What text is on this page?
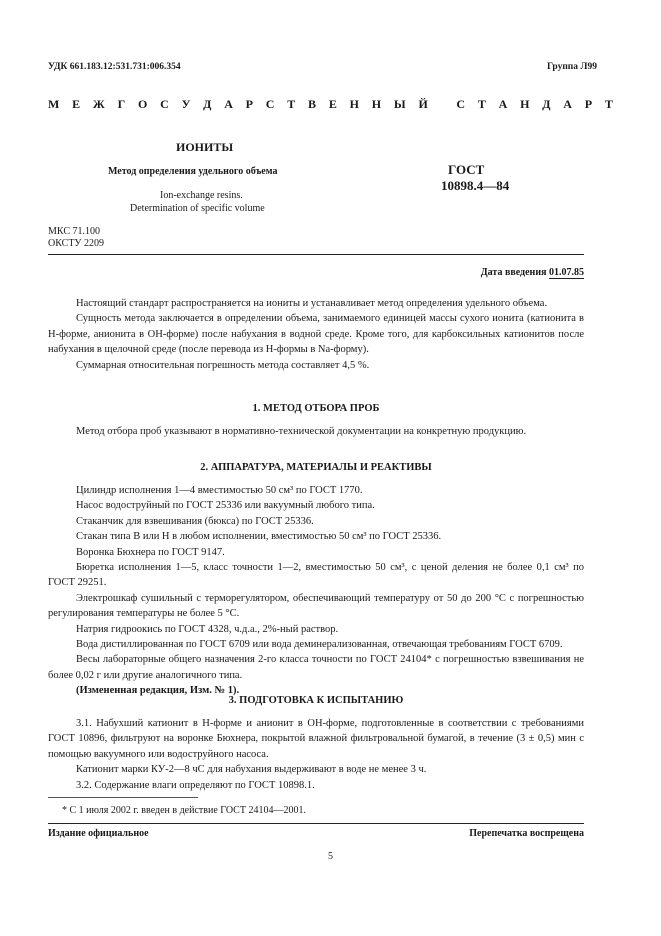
УДК 661.183.12:531.731:006.354	Группа Л99
М Е Ж Г О С У Д А Р С Т В Е Н Н Ы Й
С Т А Н Д А Р Т
ИОНИТЫ
Метод определения удельного объема
Ion-exchange resins.
Determination of specific volume
ГОСТ
10898.4—84
МКС 71.100
ОКСТУ 2209
Дата введения 01.07.85

Настоящий стандарт распространяется на иониты и устанавливает метод определения удельного объема.

Сущность метода заключается в определении объема, занимаемого единицей массы сухого ионита (катионита в Н-форме, анионита в ОН-форме) после набухания в водной среде. Кроме того, для карбоксильных катионитов после набухания в щелочной среде (после перевода из Н-формы в Na-форму).

Суммарная относительная погрешность метода составляет 4,5 %.

1. МЕТОД ОТБОРА ПРОБ

Метод отбора проб указывают в нормативно-технической документации на конкретную продукцию.

2. АППАРАТУРА, МАТЕРИАЛЫ И РЕАКТИВЫ

Цилиндр исполнения 1—4 вместимостью 50 см³ по ГОСТ 1770.

Насос водоструйный по ГОСТ 25336 или вакуумный любого типа.

Стаканчик для взвешивания (бюкса) по ГОСТ 25336.

Стакан типа В или Н в любом исполнении, вместимостью 50 см³ по ГОСТ 25336.

Воронка Бюхнера по ГОСТ 9147.

Бюретка исполнения 1—5, класс точности 1—2, вместимостью 50 см³, с ценой деления не более 0,1 см³ по ГОСТ 29251.

Электрошкаф сушильный с терморегулятором, обеспечивающий температуру от 50 до 200 °С с погрешностью регулирования температуры не более 5 °С.

Натрия гидроокись по ГОСТ 4328, ч.д.а., 2%-ный раствор.

Вода дистиллированная по ГОСТ 6709 или вода деминерализованная, отвечающая требованиям ГОСТ 6709.

Весы лабораторные общего назначения 2-го класса точности по ГОСТ 24104* с погрешностью взвешивания не более 0,02 г или другие аналогичного типа.

(Измененная редакция, Изм. № 1).

3. ПОДГОТОВКА К ИСПЫТАНИЮ

3.1. Набухший катионит в Н-форме и анионит в ОН-форме, подготовленные в соответствии с требованиями ГОСТ 10896, фильтруют на воронке Бюхнера, покрытой влажной фильтровальной бумагой, в течение (3 ± 0,5) мин с помощью вакуумного или водоструйного насоса.

Катионит марки КУ-2—8 чС для набухания выдерживают в воде не менее 3 ч.

3.2. Содержание влаги определяют по ГОСТ 10898.1.

* С 1 июля 2002 г. введен в действие ГОСТ 24104—2001.
Издание официальное	Перепечатка воспрещена
5
